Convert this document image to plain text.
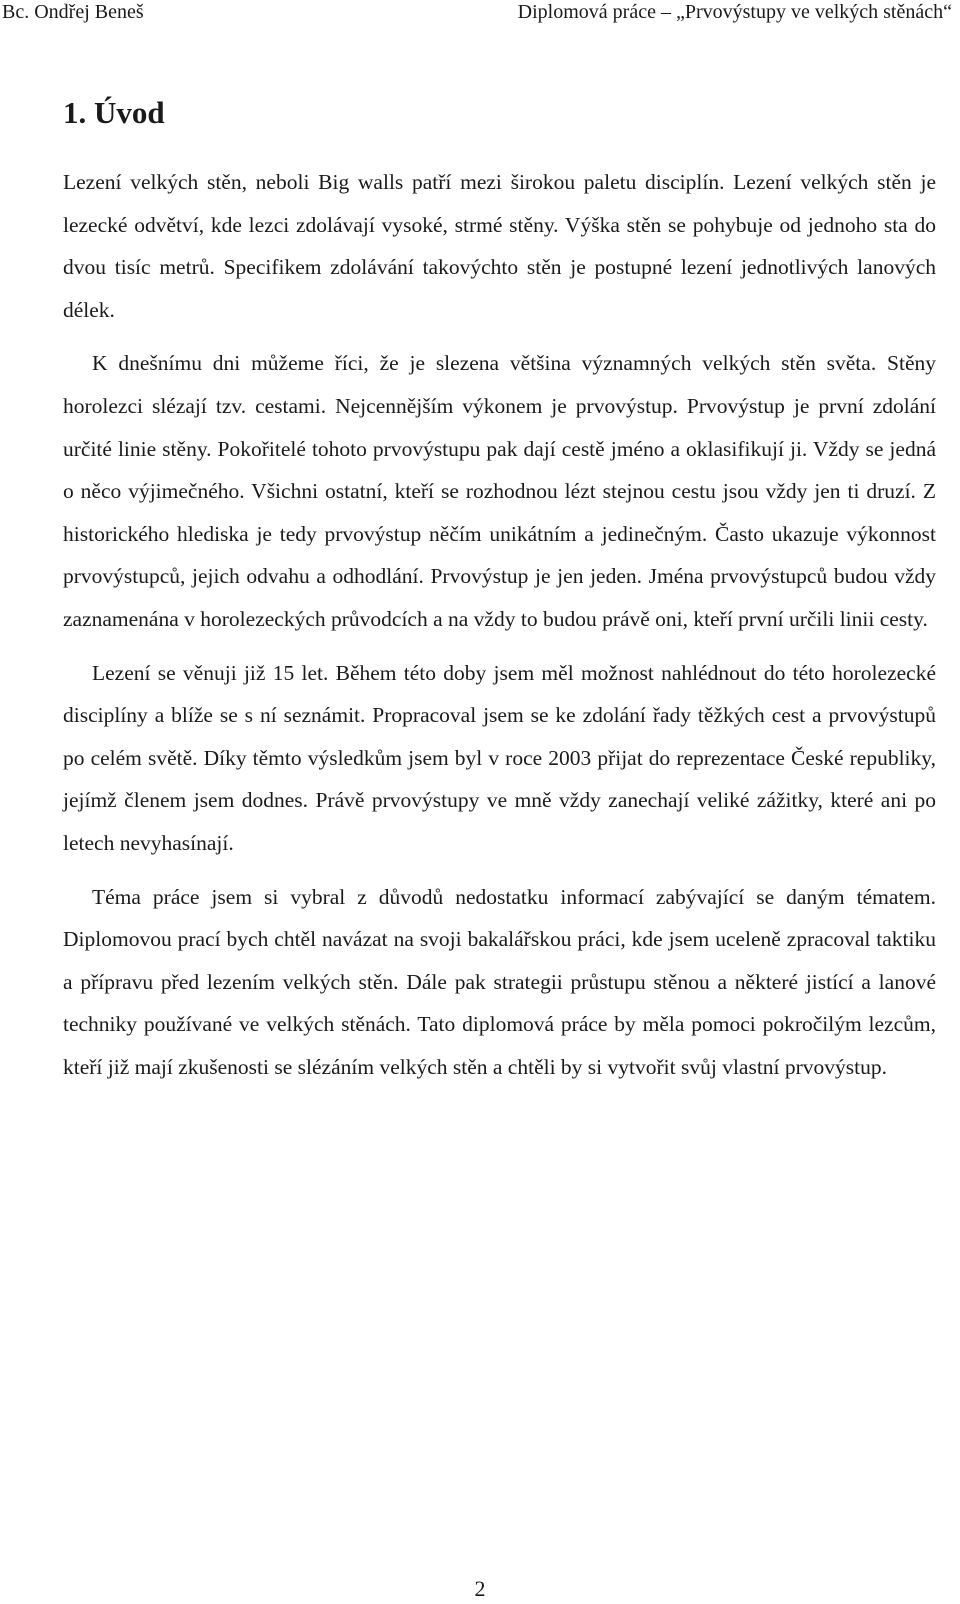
Bc. Ondřej Beneš	Diplomová práce – „Prvovýstupy ve velkých stěnách“
1. Úvod

Lezení velkých stěn, neboli Big walls patří mezi širokou paletu disciplín. Lezení velkých stěn je lezecké odvětví, kde lezci zdolávají vysoké, strmé stěny. Výška stěn se pohybuje od jednoho sta do dvou tisíc metrů. Specifikem zdolávání takovýchto stěn je postupné lezení jednotlivých lanových délek.

K dnešnímu dni můžeme říci, že je slezena většina významných velkých stěn světa. Stěny horolezci slézají tzv. cestami. Nejcennějším výkonem je prvovýstup. Prvovýstup je první zdolání určité linie stěny. Pokořitelé tohoto prvovýstupu pak dají cestě jméno a oklasifikují ji. Vždy se jedná o něco výjimečného. Všichni ostatní, kteří se rozhodnou lézt stejnou cestu jsou vždy jen ti druzí. Z historického hlediska je tedy prvovýstup něčím unikátním a jedinečným. Často ukazuje výkonnost prvovýstupců, jejich odvahu a odhodlání. Prvovýstup je jen jeden. Jména prvovýstupců budou vždy zaznamenána v horolezeckých průvodcích a na vždy to budou právě oni, kteří první určili linii cesty.

Lezení se věnuji již 15 let. Během této doby jsem měl možnost nahlédnout do této horolezecké disciplíny a blíže se s ní seznámit. Propracoval jsem se ke zdolání řady těžkých cest a prvovýstupů po celém světě. Díky těmto výsledkům jsem byl v roce 2003 přijat do reprezentace České republiky, jejímž členem jsem dodnes. Právě prvovýstupy ve mně vždy zanechají veliké zážitky, které ani po letech nevyhasínají.

Téma práce jsem si vybral z důvodů nedostatku informací zabývající se daným tématem. Diplomovou prací bych chtěl navázat na svoji bakalářskou práci, kde jsem uceleně zpracoval taktiku a přípravu před lezením velkých stěn. Dále pak strategii průstupu stěnou a některé jistící a lanové techniky používané ve velkých stěnách. Tato diplomová práce by měla pomoci pokročilým lezcům, kteří již mají zkušenosti se slézáním velkých stěn a chtěli by si vytvořit svůj vlastní prvovýstup.

2
